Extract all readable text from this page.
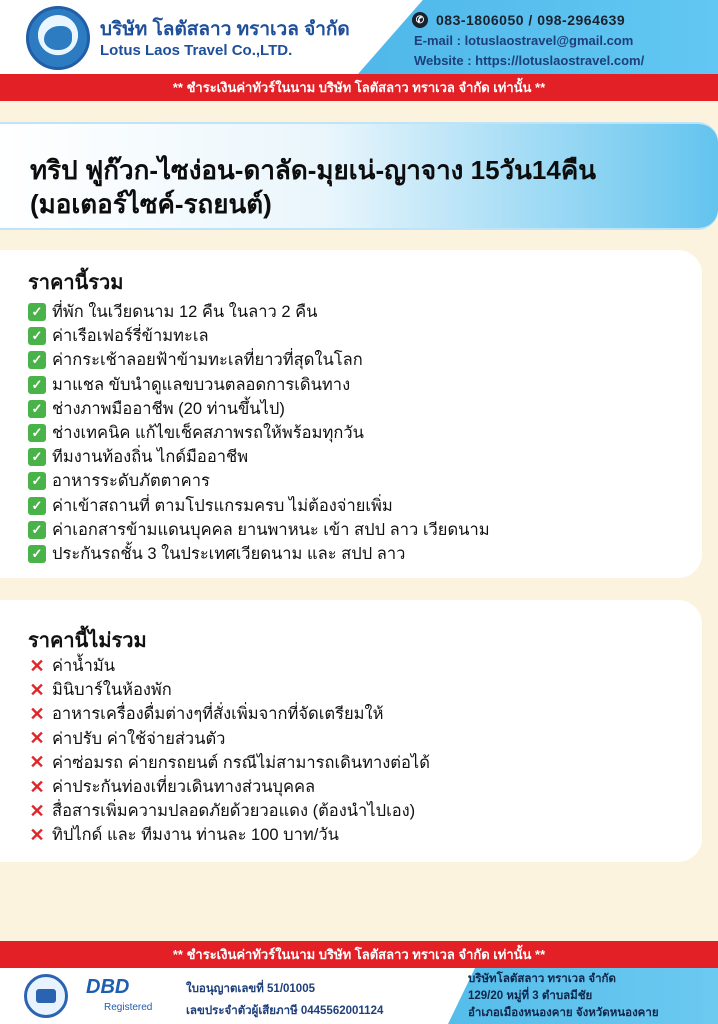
บริษัท โลตัสลาว ทราเวล จำกัด
Lotus Laos Travel Co.,LTD.
✆ 083-1806050 / 098-2964639
E-mail : lotuslaostravel@gmail.com
Website : https://lotuslaostravel.com/
** ชำระเงินค่าทัวร์ในนาม บริษัท โลตัสลาว ทราเวล จำกัด เท่านั้น **
ทริป ฟูก๊วก-ไซง่อน-ดาลัด-มุยเน่-ญาจาง 15วัน14คืน
(มอเตอร์ไซค์-รถยนต์)
ราคานี้รวม
✓ ที่พัก ในเวียดนาม 12 คืน ในลาว 2 คืน
✓ ค่าเรือเฟอร์รี่ข้ามทะเล
✓ ค่ากระเช้าลอยฟ้าข้ามทะเลที่ยาวที่สุดในโลก
✓ มาแชล ขับนำดูแลขบวนตลอดการเดินทาง
✓ ช่างภาพมืออาชีพ (20 ท่านขึ้นไป)
✓ ช่างเทคนิค แก้ไขเช็คสภาพรถให้พร้อมทุกวัน
✓ ทีมงานท้องถิ่น ไกด์มืออาชีพ
✓ อาหารระดับภัตตาคาร
✓ ค่าเข้าสถานที่ ตามโปรแกรมครบ ไม่ต้องจ่ายเพิ่ม
✓ ค่าเอกสารข้ามแดนบุคคล ยานพาหนะ เข้า สปป ลาว เวียดนาม
✓ ประกันรถชั้น 3 ในประเทศเวียดนาม และ สปป ลาว
ราคานี้ไม่รวม
✕ ค่าน้ำมัน
✕ มินิบาร์ในห้องพัก
✕ อาหารเครื่องดื่มต่างๆที่สั่งเพิ่มจากที่จัดเตรียมให้
✕ ค่าปรับ ค่าใช้จ่ายส่วนตัว
✕ ค่าซ่อมรถ ค่ายกรถยนต์ กรณีไม่สามารถเดินทางต่อได้
✕ ค่าประกันท่องเที่ยวเดินทางส่วนบุคคล
✕ สื่อสารเพิ่มความปลอดภัยด้วยวอแดง (ต้องนำไปเอง)
✕ ทิปไกด์ และ ทีมงาน ท่านละ 100 บาท/วัน
** ชำระเงินค่าทัวร์ในนาม บริษัท โลตัสลาว ทราเวล จำกัด เท่านั้น **
DBD
Registered
ใบอนุญาตเลขที่ 51/01005
เลขประจำตัวผู้เสียภาษี 0445562001124
บริษัทโลตัสลาว ทราเวล จำกัด
129/20 หมู่ที่ 3 ตำบลมีชัย
อำเภอเมืองหนองคาย จังหวัดหนองคาย
